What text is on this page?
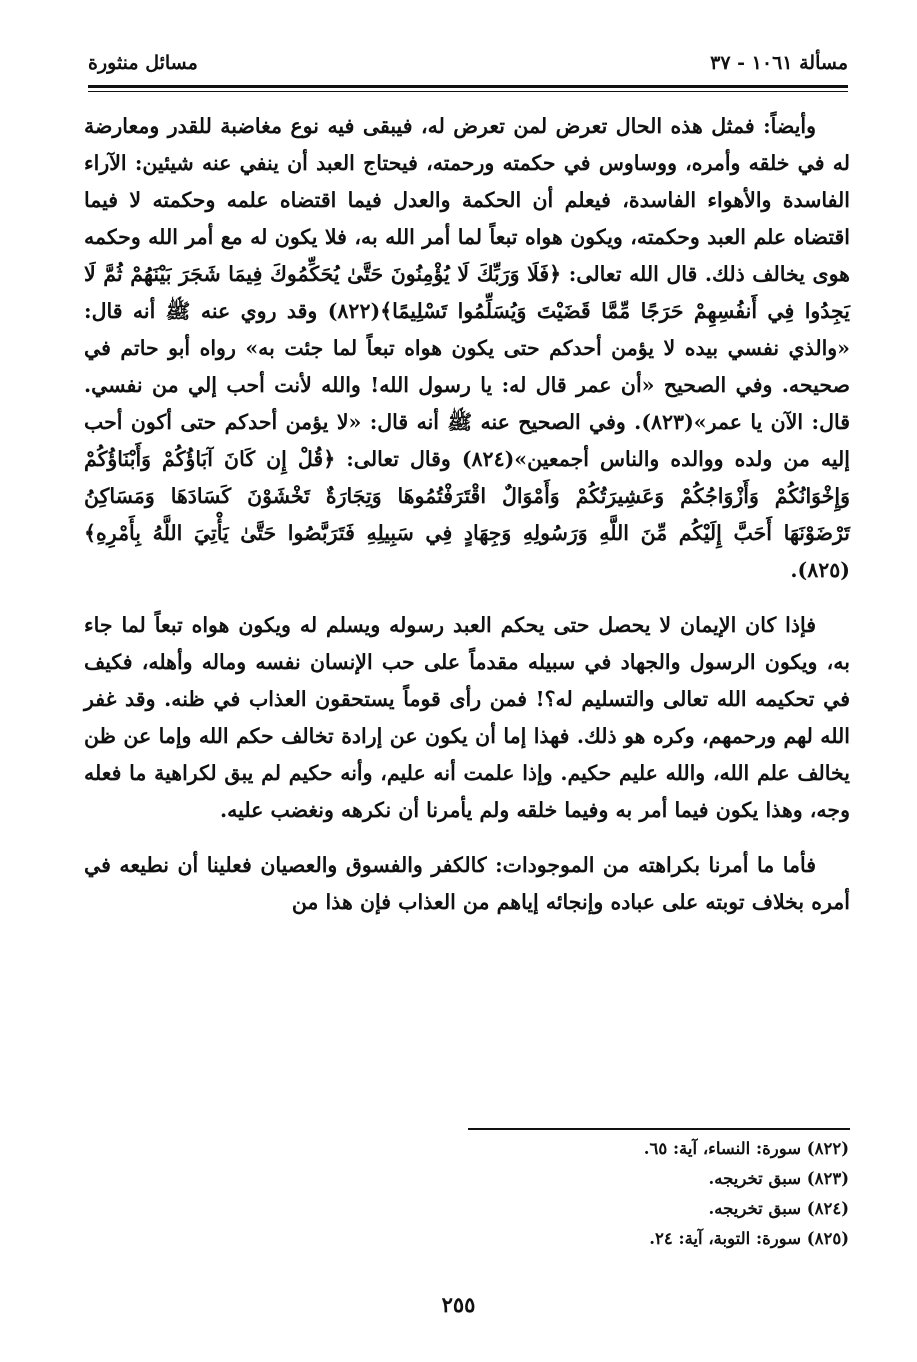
مسألة ١٠٦١ - ٣٧
مسائل منثورة

وأيضاً: فمثل هذه الحال تعرض لمن تعرض له، فيبقى فيه نوع مغاضبة للقدر ومعارضة له في خلقه وأمره، ووساوس في حكمته ورحمته، فيحتاج العبد أن ينفي عنه شيئين: الآراء الفاسدة والأهواء الفاسدة، فيعلم أن الحكمة والعدل فيما اقتضاه علمه وحكمته لا فيما اقتضاه علم العبد وحكمته، ويكون هواه تبعاً لما أمر الله به، فلا يكون له مع أمر الله وحكمه هوى يخالف ذلك. قال الله تعالى: ﴿فَلَا وَرَبِّكَ لَا يُؤْمِنُونَ حَتَّىٰ يُحَكِّمُوكَ فِيمَا شَجَرَ بَيْنَهُمْ ثُمَّ لَا يَجِدُوا فِي أَنفُسِهِمْ حَرَجًا مِّمَّا قَضَيْتَ وَيُسَلِّمُوا تَسْلِيمًا﴾(٨٢٢) وقد روي عنه ﷺ أنه قال: «والذي نفسي بيده لا يؤمن أحدكم حتى يكون هواه تبعاً لما جئت به» رواه أبو حاتم في صحيحه. وفي الصحيح «أن عمر قال له: يا رسول الله! والله لأنت أحب إلي من نفسي. قال: الآن يا عمر»(٨٢٣). وفي الصحيح عنه ﷺ أنه قال: «لا يؤمن أحدكم حتى أكون أحب إليه من ولده ووالده والناس أجمعين»(٨٢٤) وقال تعالى: ﴿قُلْ إِن كَانَ آبَاؤُكُمْ وَأَبْنَاؤُكُمْ وَإِخْوَانُكُمْ وَأَزْوَاجُكُمْ وَعَشِيرَتُكُمْ وَأَمْوَالٌ اقْتَرَفْتُمُوهَا وَتِجَارَةٌ تَخْشَوْنَ كَسَادَهَا وَمَسَاكِنُ تَرْضَوْنَهَا أَحَبَّ إِلَيْكُم مِّنَ اللَّهِ وَرَسُولِهِ وَجِهَادٍ فِي سَبِيلِهِ فَتَرَبَّصُوا حَتَّىٰ يَأْتِيَ اللَّهُ بِأَمْرِهِ﴾(٨٢٥).

فإذا كان الإيمان لا يحصل حتى يحكم العبد رسوله ويسلم له ويكون هواه تبعاً لما جاء به، ويكون الرسول والجهاد في سبيله مقدماً على حب الإنسان نفسه وماله وأهله، فكيف في تحكيمه الله تعالى والتسليم له؟! فمن رأى قوماً يستحقون العذاب في ظنه. وقد غفر الله لهم ورحمهم، وكره هو ذلك. فهذا إما أن يكون عن إرادة تخالف حكم الله وإما عن ظن يخالف علم الله، والله عليم حكيم. وإذا علمت أنه عليم، وأنه حكيم لم يبق لكراهية ما فعله وجه، وهذا يكون فيما أمر به وفيما خلقه ولم يأمرنا أن نكرهه ونغضب عليه.

فأما ما أمرنا بكراهته من الموجودات: كالكفر والفسوق والعصيان فعلينا أن نطيعه في أمره بخلاف توبته على عباده وإنجائه إياهم من العذاب فإن هذا من

(٨٢٢) سورة: النساء، آية: ٦٥.
(٨٢٣) سبق تخريجه.
(٨٢٤) سبق تخريجه.
(٨٢٥) سورة: التوبة، آية: ٢٤.
٢٥٥
